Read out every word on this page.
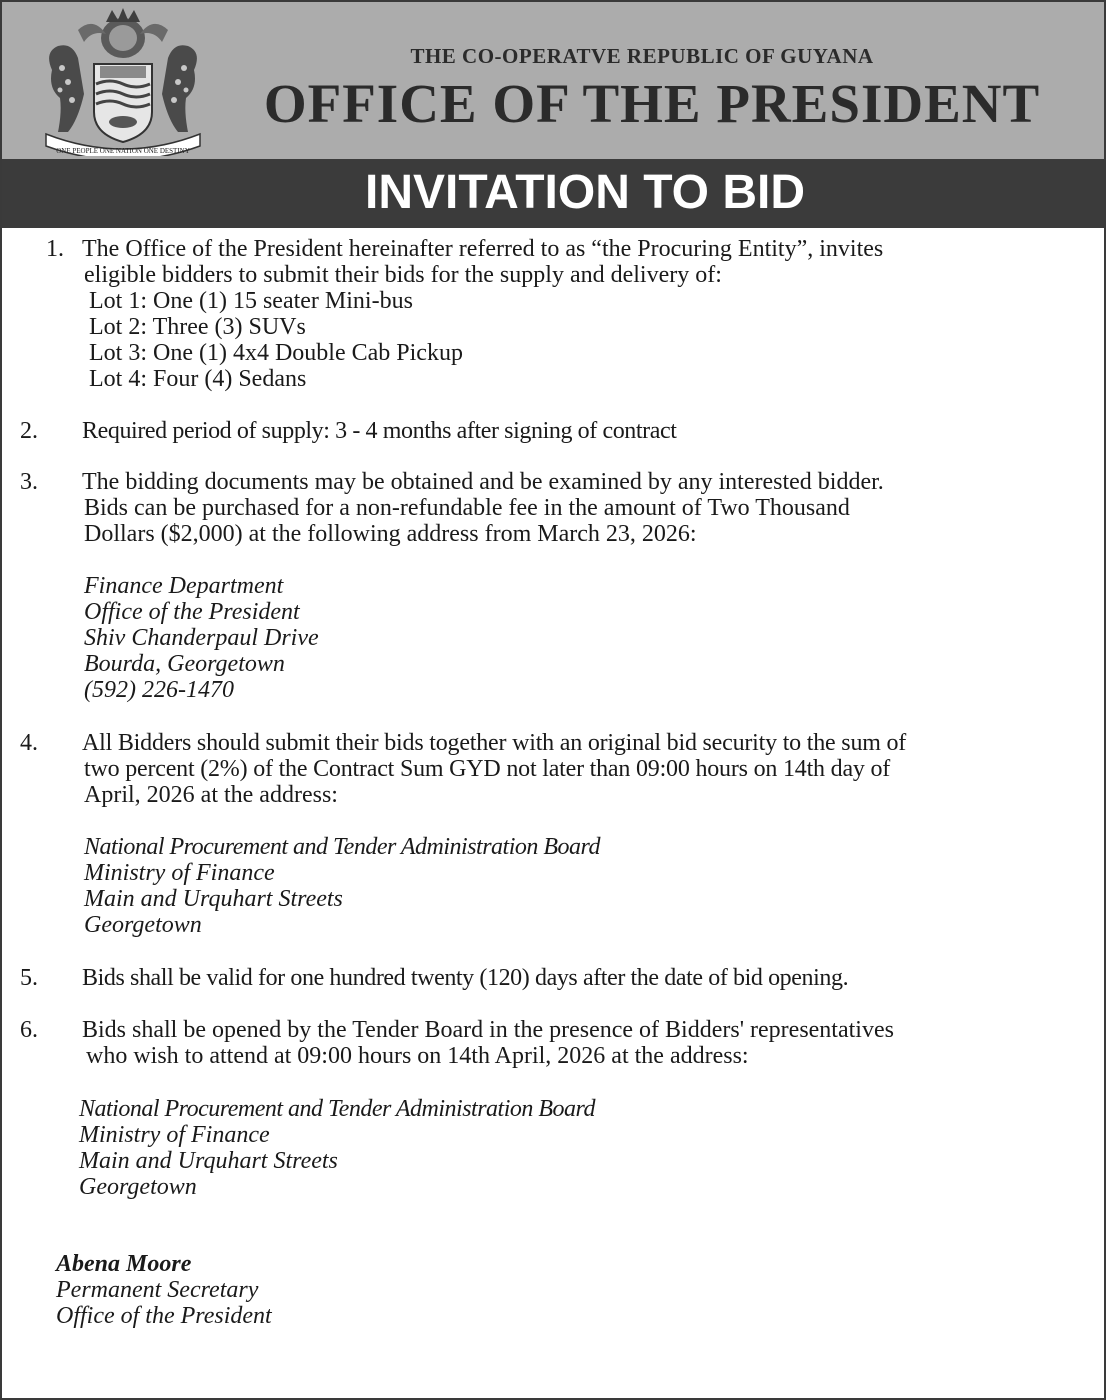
ONE PEOPLE ONE NATION ONE DESTINY
THE CO-OPERATVE REPUBLIC OF GUYANA
OFFICE OF THE PRESIDENT
INVITATION TO BID
1. The Office of the President hereinafter referred to as “the Procuring Entity”, invites
eligible bidders to submit their bids for the supply and delivery of:
Lot 1: One (1) 15 seater Mini-bus
Lot 2: Three (3) SUVs
Lot 3: One (1) 4x4 Double Cab Pickup
Lot 4: Four (4) Sedans
2. Required period of supply: 3 - 4 months after signing of contract
3. The bidding documents may be obtained and be examined by any interested bidder.
Bids can be purchased for a non-refundable fee in the amount of Two Thousand
Dollars ($2,000) at the following address from March 23, 2026:
Finance Department
Office of the President
Shiv Chanderpaul Drive
Bourda, Georgetown
(592) 226-1470
4. All Bidders should submit their bids together with an original bid security to the sum of
two percent (2%) of the Contract Sum GYD not later than 09:00 hours on 14th day of
April, 2026 at the address:
National Procurement and Tender Administration Board
Ministry of Finance
Main and Urquhart Streets
Georgetown
5. Bids shall be valid for one hundred twenty (120) days after the date of bid opening.
6. Bids shall be opened by the Tender Board in the presence of Bidders' representatives
who wish to attend at 09:00 hours on 14th April, 2026 at the address:
National Procurement and Tender Administration Board
Ministry of Finance
Main and Urquhart Streets
Georgetown
Abena Moore
Permanent Secretary
Office of the President
